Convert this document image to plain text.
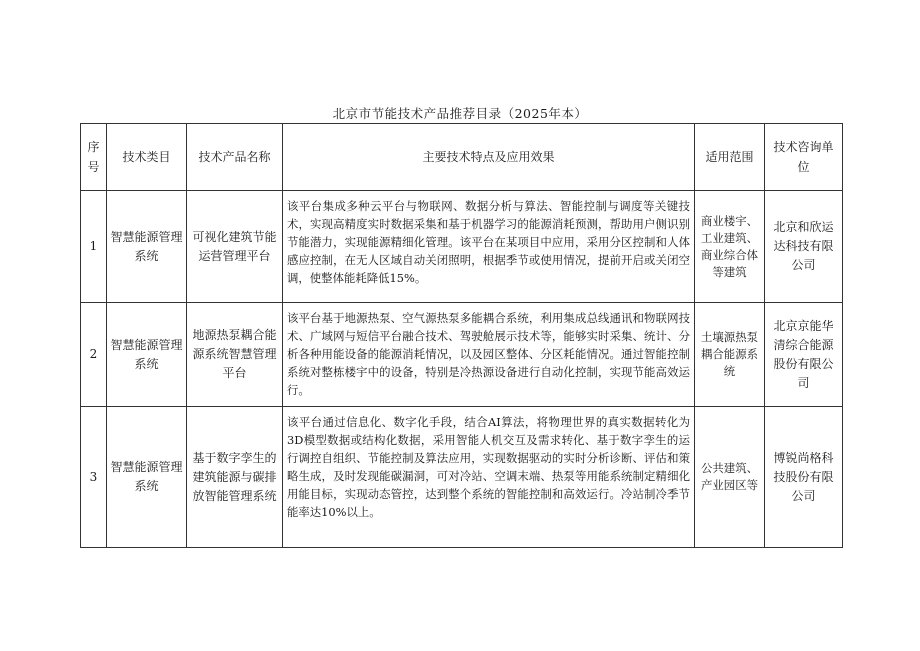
北京市节能技术产品推荐目录（2025年本）
序号	技术类目	技术产品名称	主要技术特点及应用效果	适用范围	技术咨询单位
1	智慧能源管理系统	可视化建筑节能运营管理平台	该平台集成多种云平台与物联网、数据分析与算法、智能控制与调度等关键技术，实现高精度实时数据采集和基于机器学习的能源消耗预测，帮助用户侧识别节能潜力，实现能源精细化管理。该平台在某项目中应用，采用分区控制和人体感应控制，在无人区域自动关闭照明，根据季节或使用情况，提前开启或关闭空调，使整体能耗降低15%。	商业楼宇、工业建筑、商业综合体等建筑	北京和欣运达科技有限公司
2	智慧能源管理系统	地源热泵耦合能源系统智慧管理平台	该平台基于地源热泵、空气源热泵多能耦合系统，利用集成总线通讯和物联网技术、广域网与短信平台融合技术、驾驶舱展示技术等，能够实时采集、统计、分析各种用能设备的能源消耗情况，以及园区整体、分区耗能情况。通过智能控制系统对整栋楼宇中的设备，特别是冷热源设备进行自动化控制，实现节能高效运行。	土壤源热泵耦合能源系统	北京京能华清综合能源股份有限公司
3	智慧能源管理系统	基于数字孪生的建筑能源与碳排放智能管理系统	该平台通过信息化、数字化手段，结合AI算法，将物理世界的真实数据转化为3D模型数据或结构化数据，采用智能人机交互及需求转化、基于数字孪生的运行调控自组织、节能控制及算法应用，实现数据驱动的实时分析诊断、评估和策略生成，及时发现能碳漏洞，可对冷站、空调末端、热泵等用能系统制定精细化用能目标，实现动态管控，达到整个系统的智能控制和高效运行。冷站制冷季节能率达10%以上。	公共建筑、产业园区等	博锐尚格科技股份有限公司
